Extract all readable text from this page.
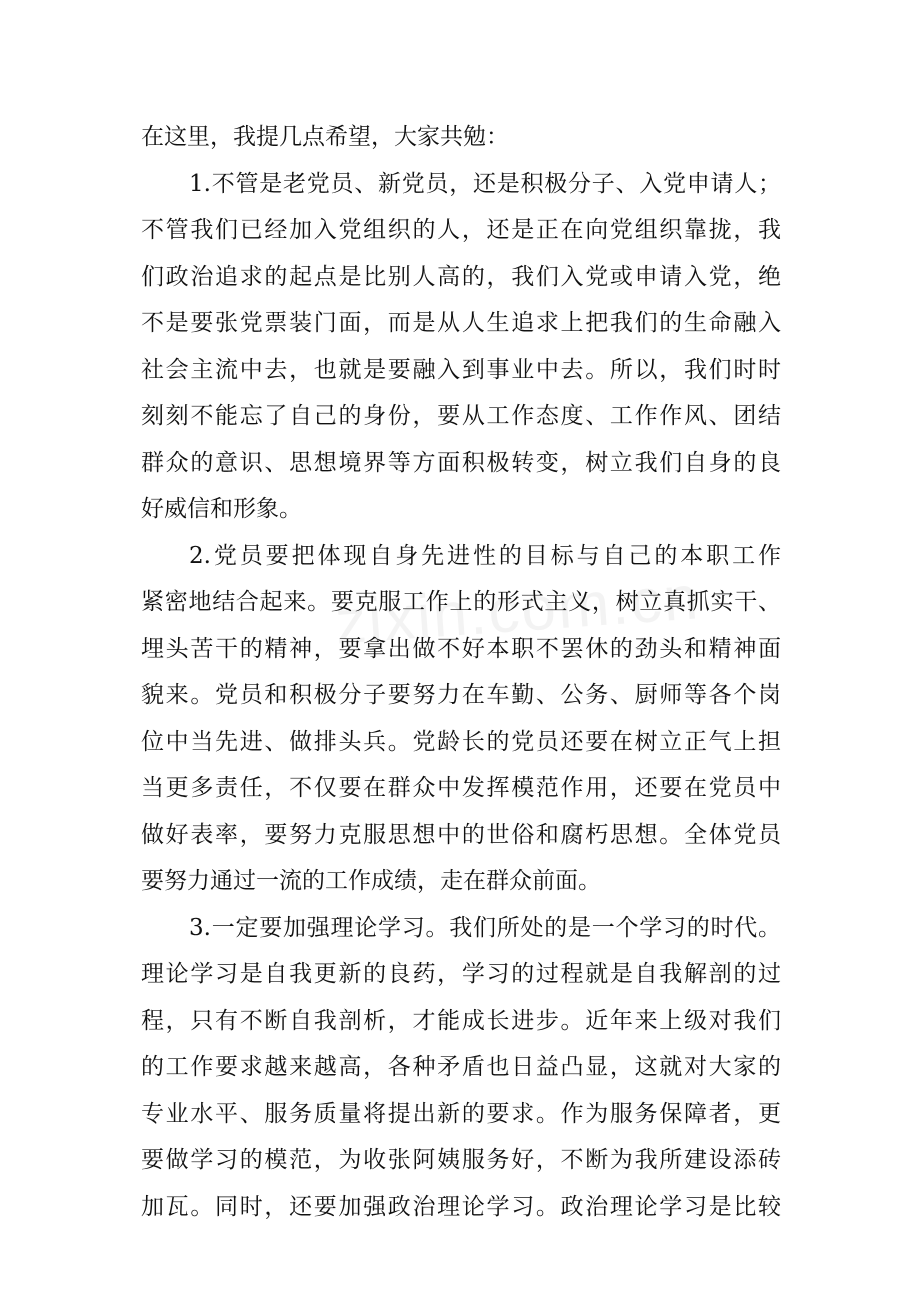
在这里，我提几点希望，大家共勉：
1.不管是老党员、新党员，还是积极分子、入党申请人；
不管我们已经加入党组织的人，还是正在向党组织靠拢，我
们政治追求的起点是比别人高的，我们入党或申请入党，绝
不是要张党票装门面，而是从人生追求上把我们的生命融入
社会主流中去，也就是要融入到事业中去。所以，我们时时
刻刻不能忘了自己的身份，要从工作态度、工作作风、团结
群众的意识、思想境界等方面积极转变，树立我们自身的良
好威信和形象。
2.党员要把体现自身先进性的目标与自己的本职工作
紧密地结合起来。要克服工作上的形式主义，树立真抓实干、
埋头苦干的精神，要拿出做不好本职不罢休的劲头和精神面
貌来。党员和积极分子要努力在车勤、公务、厨师等各个岗
位中当先进、做排头兵。党龄长的党员还要在树立正气上担
当更多责任，不仅要在群众中发挥模范作用，还要在党员中
做好表率，要努力克服思想中的世俗和腐朽思想。全体党员
要努力通过一流的工作成绩，走在群众前面。
3.一定要加强理论学习。我们所处的是一个学习的时代。
理论学习是自我更新的良药，学习的过程就是自我解剖的过
程，只有不断自我剖析，才能成长进步。近年来上级对我们
的工作要求越来越高，各种矛盾也日益凸显，这就对大家的
专业水平、服务质量将提出新的要求。作为服务保障者，更
要做学习的模范，为收张阿姨服务好，不断为我所建设添砖
加瓦。同时，还要加强政治理论学习。政治理论学习是比较
